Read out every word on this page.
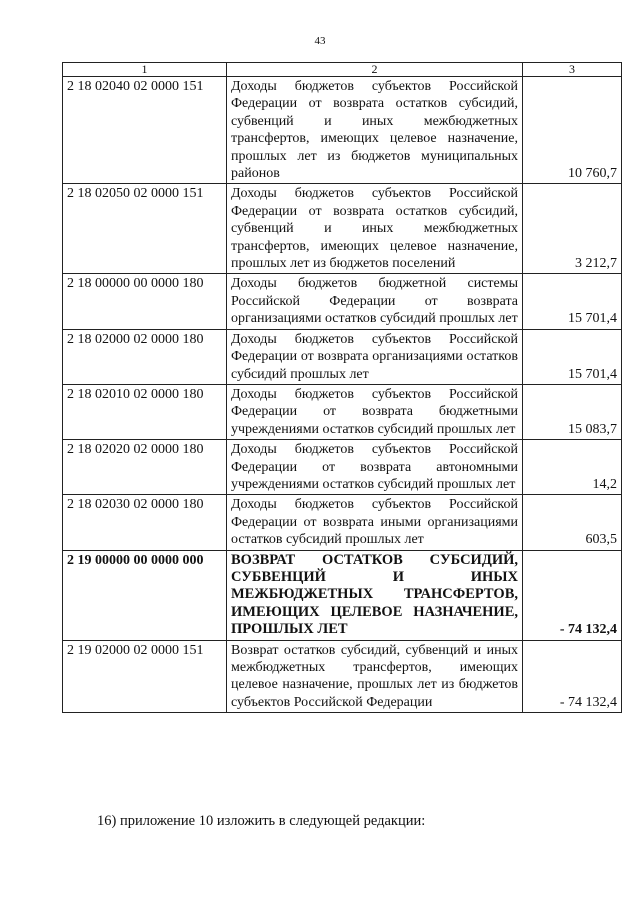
43
1	2	3
2 18 02040 02 0000 151	Доходы бюджетов субъектов Российской Федерации от возврата остатков субсидий, субвенций и иных межбюджетных трансфертов, имеющих целевое назначение, прошлых лет из бюджетов муниципальных районов	10 760,7
2 18 02050 02 0000 151	Доходы бюджетов субъектов Российской Федерации от возврата остатков субсидий, субвенций и иных межбюджетных трансфертов, имеющих целевое назначение, прошлых лет из бюджетов поселений	3 212,7
2 18 00000 00 0000 180	Доходы бюджетов бюджетной системы Российской Федерации от возврата организациями остатков субсидий прошлых лет	15 701,4
2 18 02000 02 0000 180	Доходы бюджетов субъектов Российской Федерации от возврата организациями остатков субсидий прошлых лет	15 701,4
2 18 02010 02 0000 180	Доходы бюджетов субъектов Российской Федерации от возврата бюджетными учреждениями остатков субсидий прошлых лет	15 083,7
2 18 02020 02 0000 180	Доходы бюджетов субъектов Российской Федерации от возврата автономными учреждениями остатков субсидий прошлых лет	14,2
2 18 02030 02 0000 180	Доходы бюджетов субъектов Российской Федерации от возврата иными организациями остатков субсидий прошлых лет	603,5
2 19 00000 00 0000 000	ВОЗВРАТ ОСТАТКОВ СУБСИДИЙ, СУБВЕНЦИЙ И ИНЫХ МЕЖБЮДЖЕТНЫХ ТРАНСФЕРТОВ, ИМЕЮЩИХ ЦЕЛЕВОЕ НАЗНАЧЕНИЕ, ПРОШЛЫХ ЛЕТ	- 74 132,4
2 19 02000 02 0000 151	Возврат остатков субсидий, субвенций и иных межбюджетных трансфертов, имеющих целевое назначение, прошлых лет из бюджетов субъектов Российской Федерации	- 74 132,4
16) приложение 10 изложить в следующей редакции:
